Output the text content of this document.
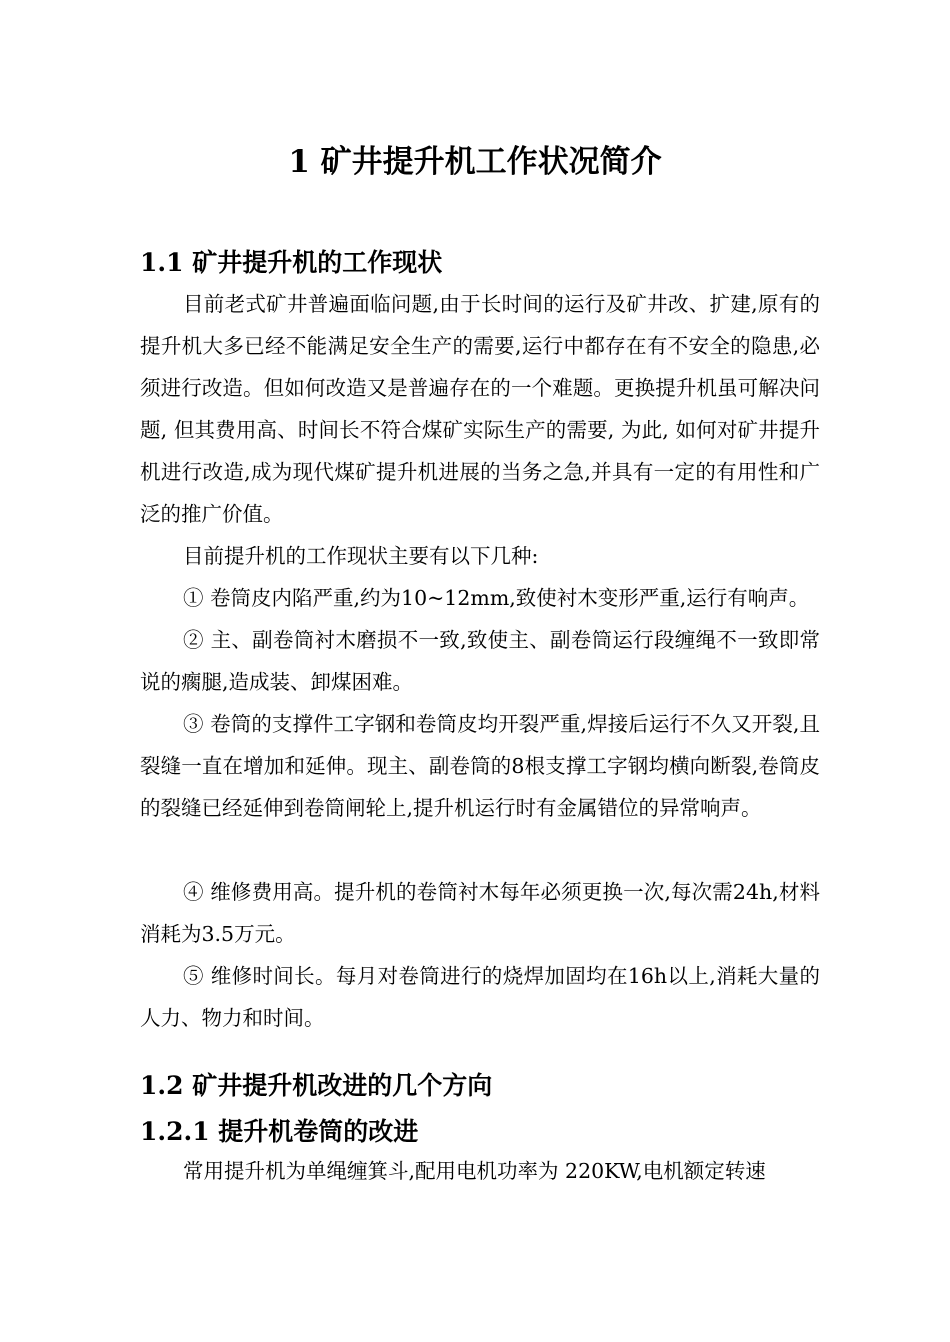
1 矿井提升机工作状况简介
1.1 矿井提升机的工作现状

目前老式矿井普遍面临问题,由于长时间的运行及矿井改、扩建,原有的提升机大多已经不能满足安全生产的需要,运行中都存在有不安全的隐患,必须进行改造。但如何改造又是普遍存在的一个难题。更换提升机虽可解决问题, 但其费用高、时间长不符合煤矿实际生产的需要, 为此, 如何对矿井提升机进行改造,成为现代煤矿提升机进展的当务之急,并具有一定的有用性和广泛的推广价值。

目前提升机的工作现状主要有以下几种:

① 卷筒皮内陷严重,约为10~12mm,致使衬木变形严重,运行有响声。

② 主、副卷筒衬木磨损不一致,致使主、副卷筒运行段缠绳不一致即常说的瘸腿,造成装、卸煤困难。

③ 卷筒的支撑件工字钢和卷筒皮均开裂严重,焊接后运行不久又开裂,且裂缝一直在增加和延伸。现主、副卷筒的8根支撑工字钢均横向断裂,卷筒皮的裂缝已经延伸到卷筒闸轮上,提升机运行时有金属错位的异常响声。

④ 维修费用高。提升机的卷筒衬木每年必须更换一次,每次需24h,材料消耗为3.5万元。

⑤ 维修时间长。每月对卷筒进行的烧焊加固均在16h以上,消耗大量的人力、物力和时间。

1.2 矿井提升机改进的几个方向
1.2.1 提升机卷筒的改进

常用提升机为单绳缠箕斗,配用电机功率为 220KW,电机额定转速
